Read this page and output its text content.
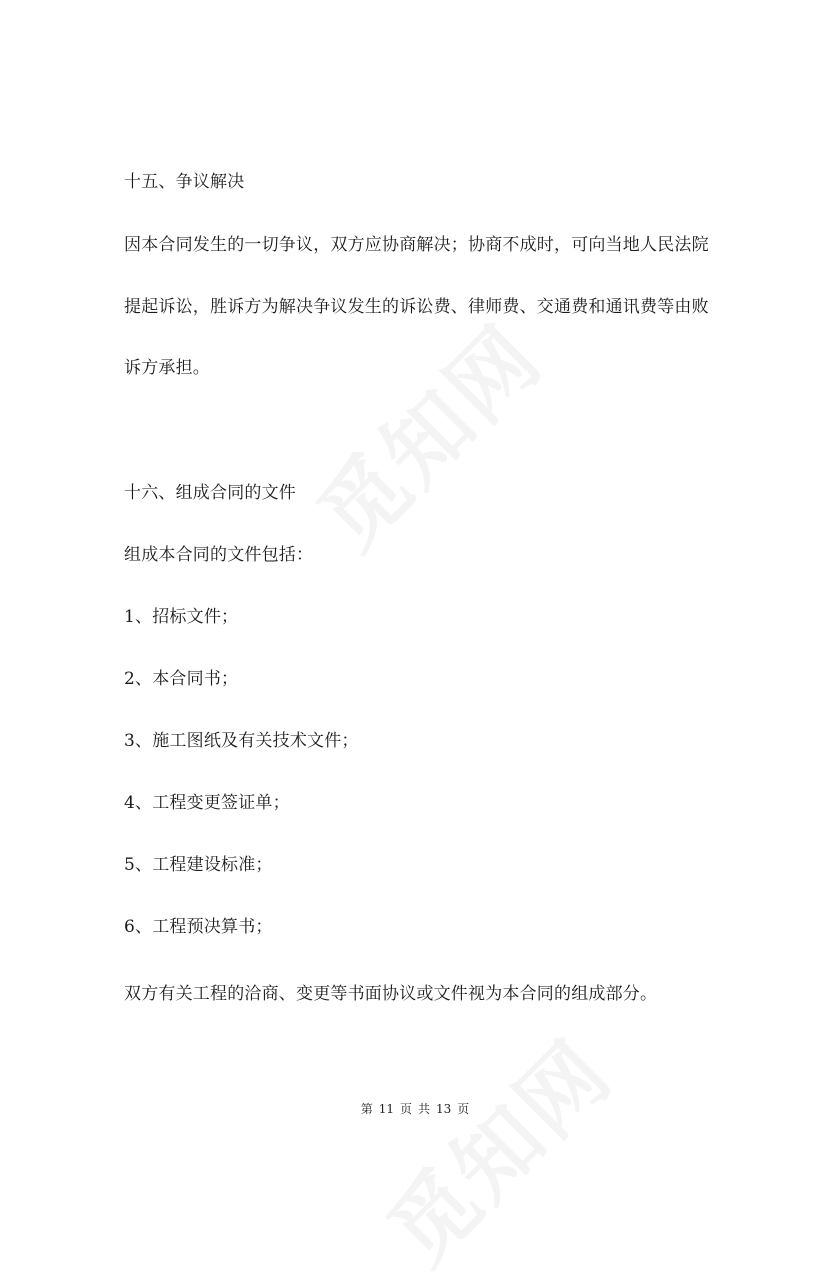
十五、争议解决
因本合同发生的一切争议，双方应协商解决；协商不成时，可向当地人民法院
提起诉讼，胜诉方为解决争议发生的诉讼费、律师费、交通费和通讯费等由败
诉方承担。
十六、组成合同的文件
组成本合同的文件包括：
1、招标文件；
2、本合同书；
3、施工图纸及有关技术文件；
4、工程变更签证单；
5、工程建设标准；
6、工程预决算书；
双方有关工程的洽商、变更等书面协议或文件视为本合同的组成部分。
第 11 页 共 13 页
